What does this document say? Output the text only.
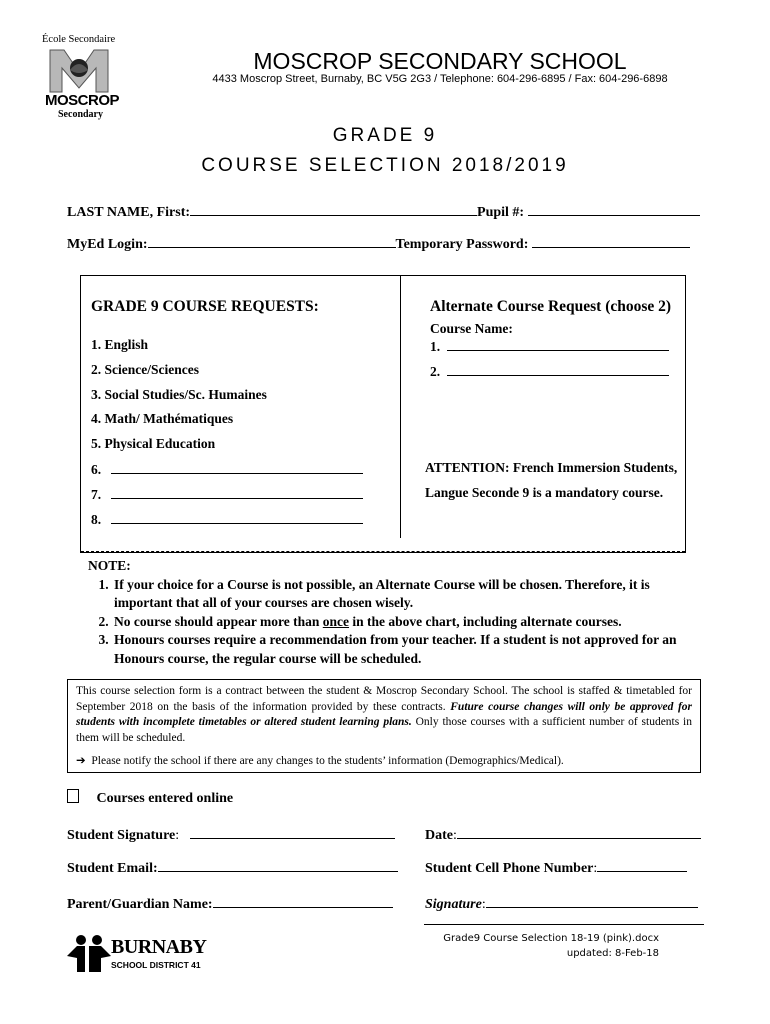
École Secondaire
MOSCROP
Secondary
MOSCROP SECONDARY SCHOOL
4433 Moscrop Street, Burnaby, BC V5G 2G3 / Telephone: 604-296-6895 / Fax: 604-296-6898
GRADE 9
COURSE SELECTION 2018/2019
LAST NAME, First:	Pupil #:
MyEd Login:	Temporary Password:
GRADE 9 COURSE REQUESTS:
1. English
2. Science/Sciences
3. Social Studies/Sc. Humaines
4. Math/ Mathématiques
5. Physical Education
6.
7.
8.
Alternate Course Request (choose 2)
Course Name:
1.
2.
ATTENTION: French Immersion Students,
Langue Seconde 9 is a mandatory course.
NOTE:
1. If your choice for a Course is not possible, an Alternate Course will be chosen. Therefore, it is important that all of your courses are chosen wisely.
2. No course should appear more than once in the above chart, including alternate courses.
3. Honours courses require a recommendation from your teacher. If a student is not approved for an Honours course, the regular course will be scheduled.
This course selection form is a contract between the student & Moscrop Secondary School. The school is staffed & timetabled for September 2018 on the basis of the information provided by these contracts. Future course changes will only be approved for students with incomplete timetables or altered student learning plans. Only those courses with a sufficient number of students in them will be scheduled.
➔ Please notify the school if there are any changes to the students’ information (Demographics/Medical).
Courses entered online
Student Signature:	Date:
Student Email:	Student Cell Phone Number:
Parent/Guardian Name:	Signature:
Grade9 Course Selection 18-19 (pink).docx
updated: 8-Feb-18
BURNABY
SCHOOL DISTRICT 41
